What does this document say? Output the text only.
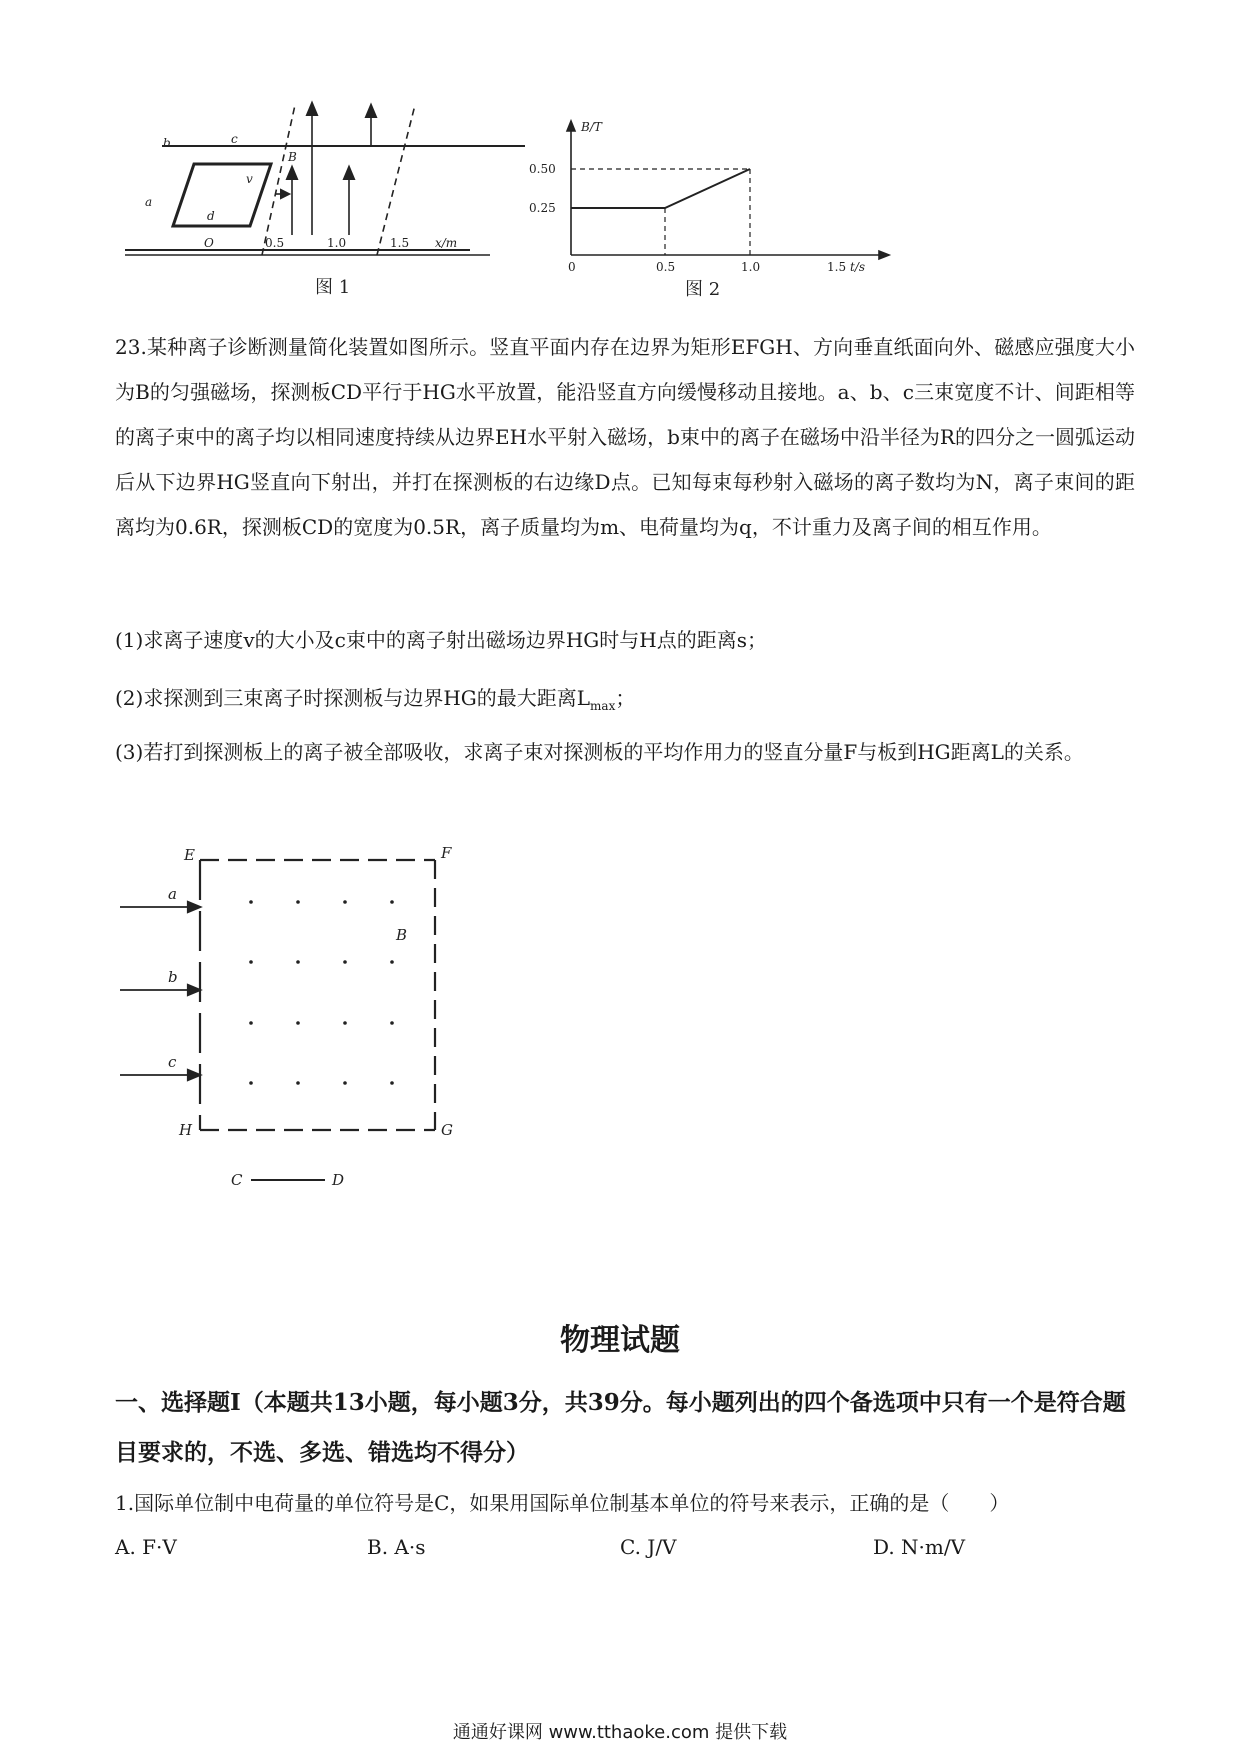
b	c
a
d
v
B
O	0.5	1.0	1.5 x/m
图 1
B/T
0.50
0.25
0	0.5	1.0	1.5 t/s
图 2
23.某种离子诊断测量简化装置如图所示。竖直平面内存在边界为矩形EFGH、方向垂直纸面向外、磁感应强度大小为B的匀强磁场，探测板CD平行于HG水平放置，能沿竖直方向缓慢移动且接地。a、b、c三束宽度不计、间距相等的离子束中的离子均以相同速度持续从边界EH水平射入磁场，b束中的离子在磁场中沿半径为R的四分之一圆弧运动后从下边界HG竖直向下射出，并打在探测板的右边缘D点。已知每束每秒射入磁场的离子数均为N，离子束间的距离均为0.6R，探测板CD的宽度为0.5R，离子质量均为m、电荷量均为q，不计重力及离子间的相互作用。
(1)求离子速度v的大小及c束中的离子射出磁场边界HG时与H点的距离s；
(2)求探测到三束离子时探测板与边界HG的最大距离$L_{max}$；
(3)若打到探测板上的离子被全部吸收，求离子束对探测板的平均作用力的竖直分量F与板到HG距离L的关系。
E	F
G
H
a
b
c
B
C	D
物理试题
一、选择题Ⅰ（本题共13小题，每小题3分，共39分。每小题列出的四个备选项中只有一个是符合题目要求的，不选、多选、错选均不得分）
1.国际单位制中电荷量的单位符号是C，如果用国际单位制基本单位的符号来表示，正确的是（　　）
A. F·V	B. A·s	C. J/V	D. N·m/V
通通好课网 www.tthaoke.com 提供下载
